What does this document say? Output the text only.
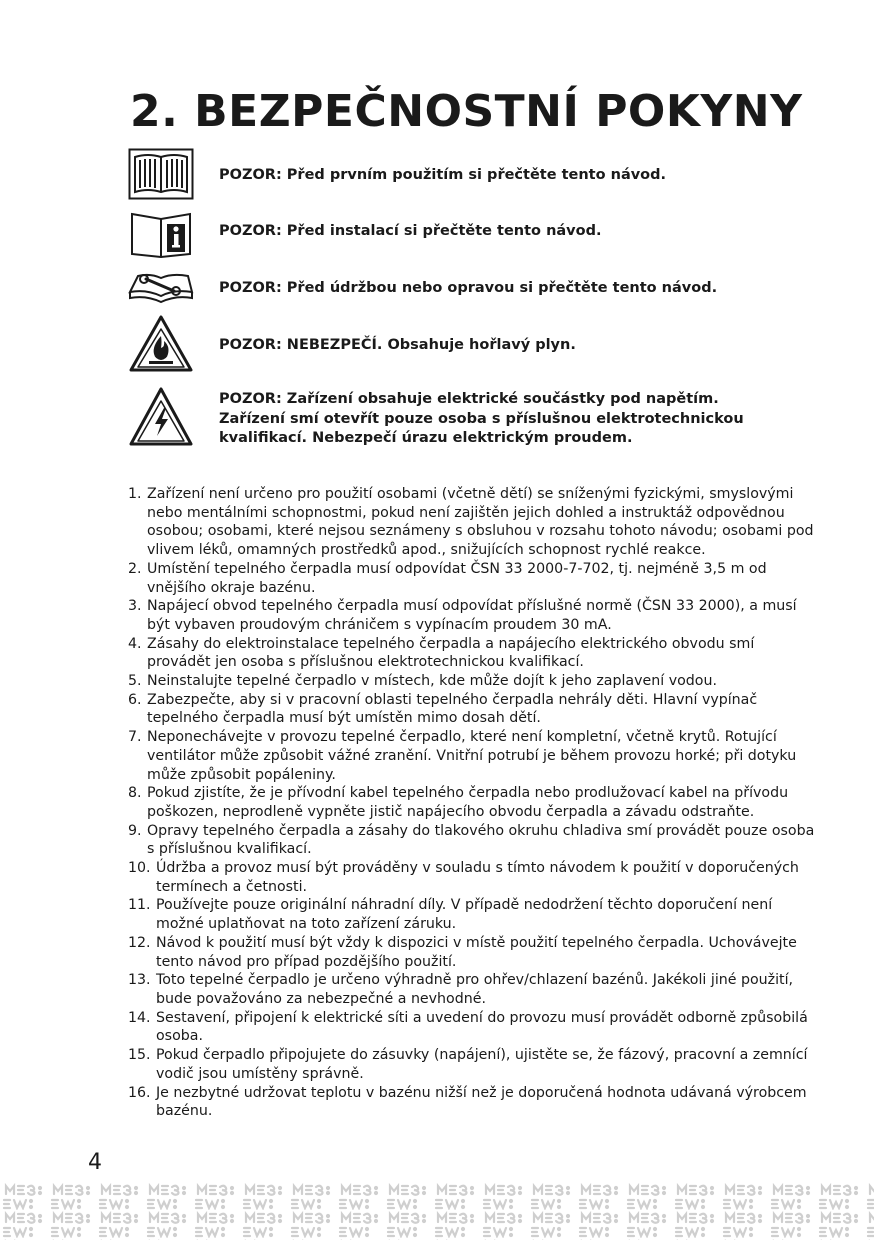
2. BEZPEČNOSTNÍ POKYNY
POZOR: Před prvním použitím si přečtěte tento návod.
POZOR: Před instalací si přečtěte tento návod.
POZOR: Před údržbou nebo opravou si přečtěte tento návod.
POZOR: NEBEZPEČÍ. Obsahuje hořlavý plyn.
POZOR: Zařízení obsahuje elektrické součástky pod napětím. Zařízení smí otevřít pouze osoba s příslušnou elektrotechnickou kvalifikací. Nebezpečí úrazu elektrickým proudem.
1. Zařízení není určeno pro použití osobami (včetně dětí) se sníženými fyzickými, smyslovými nebo mentálními schopnostmi, pokud není zajištěn jejich dohled a instruktáž odpovědnou osobou; osobami, které nejsou seznámeny s obsluhou v rozsahu tohoto návodu; osobami pod vlivem léků, omamných prostředků apod., snižujících schopnost rychlé reakce.
2. Umístění tepelného čerpadla musí odpovídat ČSN 33 2000-7-702, tj. nejméně 3,5 m od vnějšího okraje bazénu.
3. Napájecí obvod tepelného čerpadla musí odpovídat příslušné normě (ČSN 33 2000), a musí být vybaven proudovým chráničem s vypínacím proudem 30 mA.
4. Zásahy do elektroinstalace tepelného čerpadla a napájecího elektrického obvodu smí provádět jen osoba s příslušnou elektrotechnickou kvalifikací.
5. Neinstalujte tepelné čerpadlo v místech, kde může dojít k jeho zaplavení vodou.
6. Zabezpečte, aby si v pracovní oblasti tepelného čerpadla nehrály děti. Hlavní vypínač tepelného čerpadla musí být umístěn mimo dosah dětí.
7. Neponechávejte v provozu tepelné čerpadlo, které není kompletní, včetně krytů. Rotující ventilátor může způsobit vážné zranění. Vnitřní potrubí je během provozu horké; při dotyku může způsobit popáleniny.
8. Pokud zjistíte, že je přívodní kabel tepelného čerpadla nebo prodlužovací kabel na přívodu poškozen, neprodleně vypněte jistič napájecího obvodu čerpadla a závadu odstraňte.
9. Opravy tepelného čerpadla a zásahy do tlakového okruhu chladiva smí provádět pouze osoba s příslušnou kvalifikací.
10. Údržba a provoz musí být prováděny v souladu s tímto návodem k použití v doporučených termínech a četnosti.
11. Používejte pouze originální náhradní díly. V případě nedodržení těchto doporučení není možné uplatňovat na toto zařízení záruku.
12. Návod k použití musí být vždy k dispozici v místě použití tepelného čerpadla. Uchovávejte tento návod pro případ pozdějšího použití.
13. Toto tepelné čerpadlo je určeno výhradně pro ohřev/chlazení bazénů. Jakékoli jiné použití, bude považováno za nebezpečné a nevhodné.
14. Sestavení, připojení k elektrické síti a uvedení do provozu musí provádět odborně způsobilá osoba.
15. Pokud čerpadlo připojujete do zásuvky (napájení), ujistěte se, že fázový, pracovní a zemnící vodič jsou umístěny správně.
16. Je nezbytné udržovat teplotu v bazénu nižší než je doporučená hodnota udávaná výrobcem bazénu.
4
